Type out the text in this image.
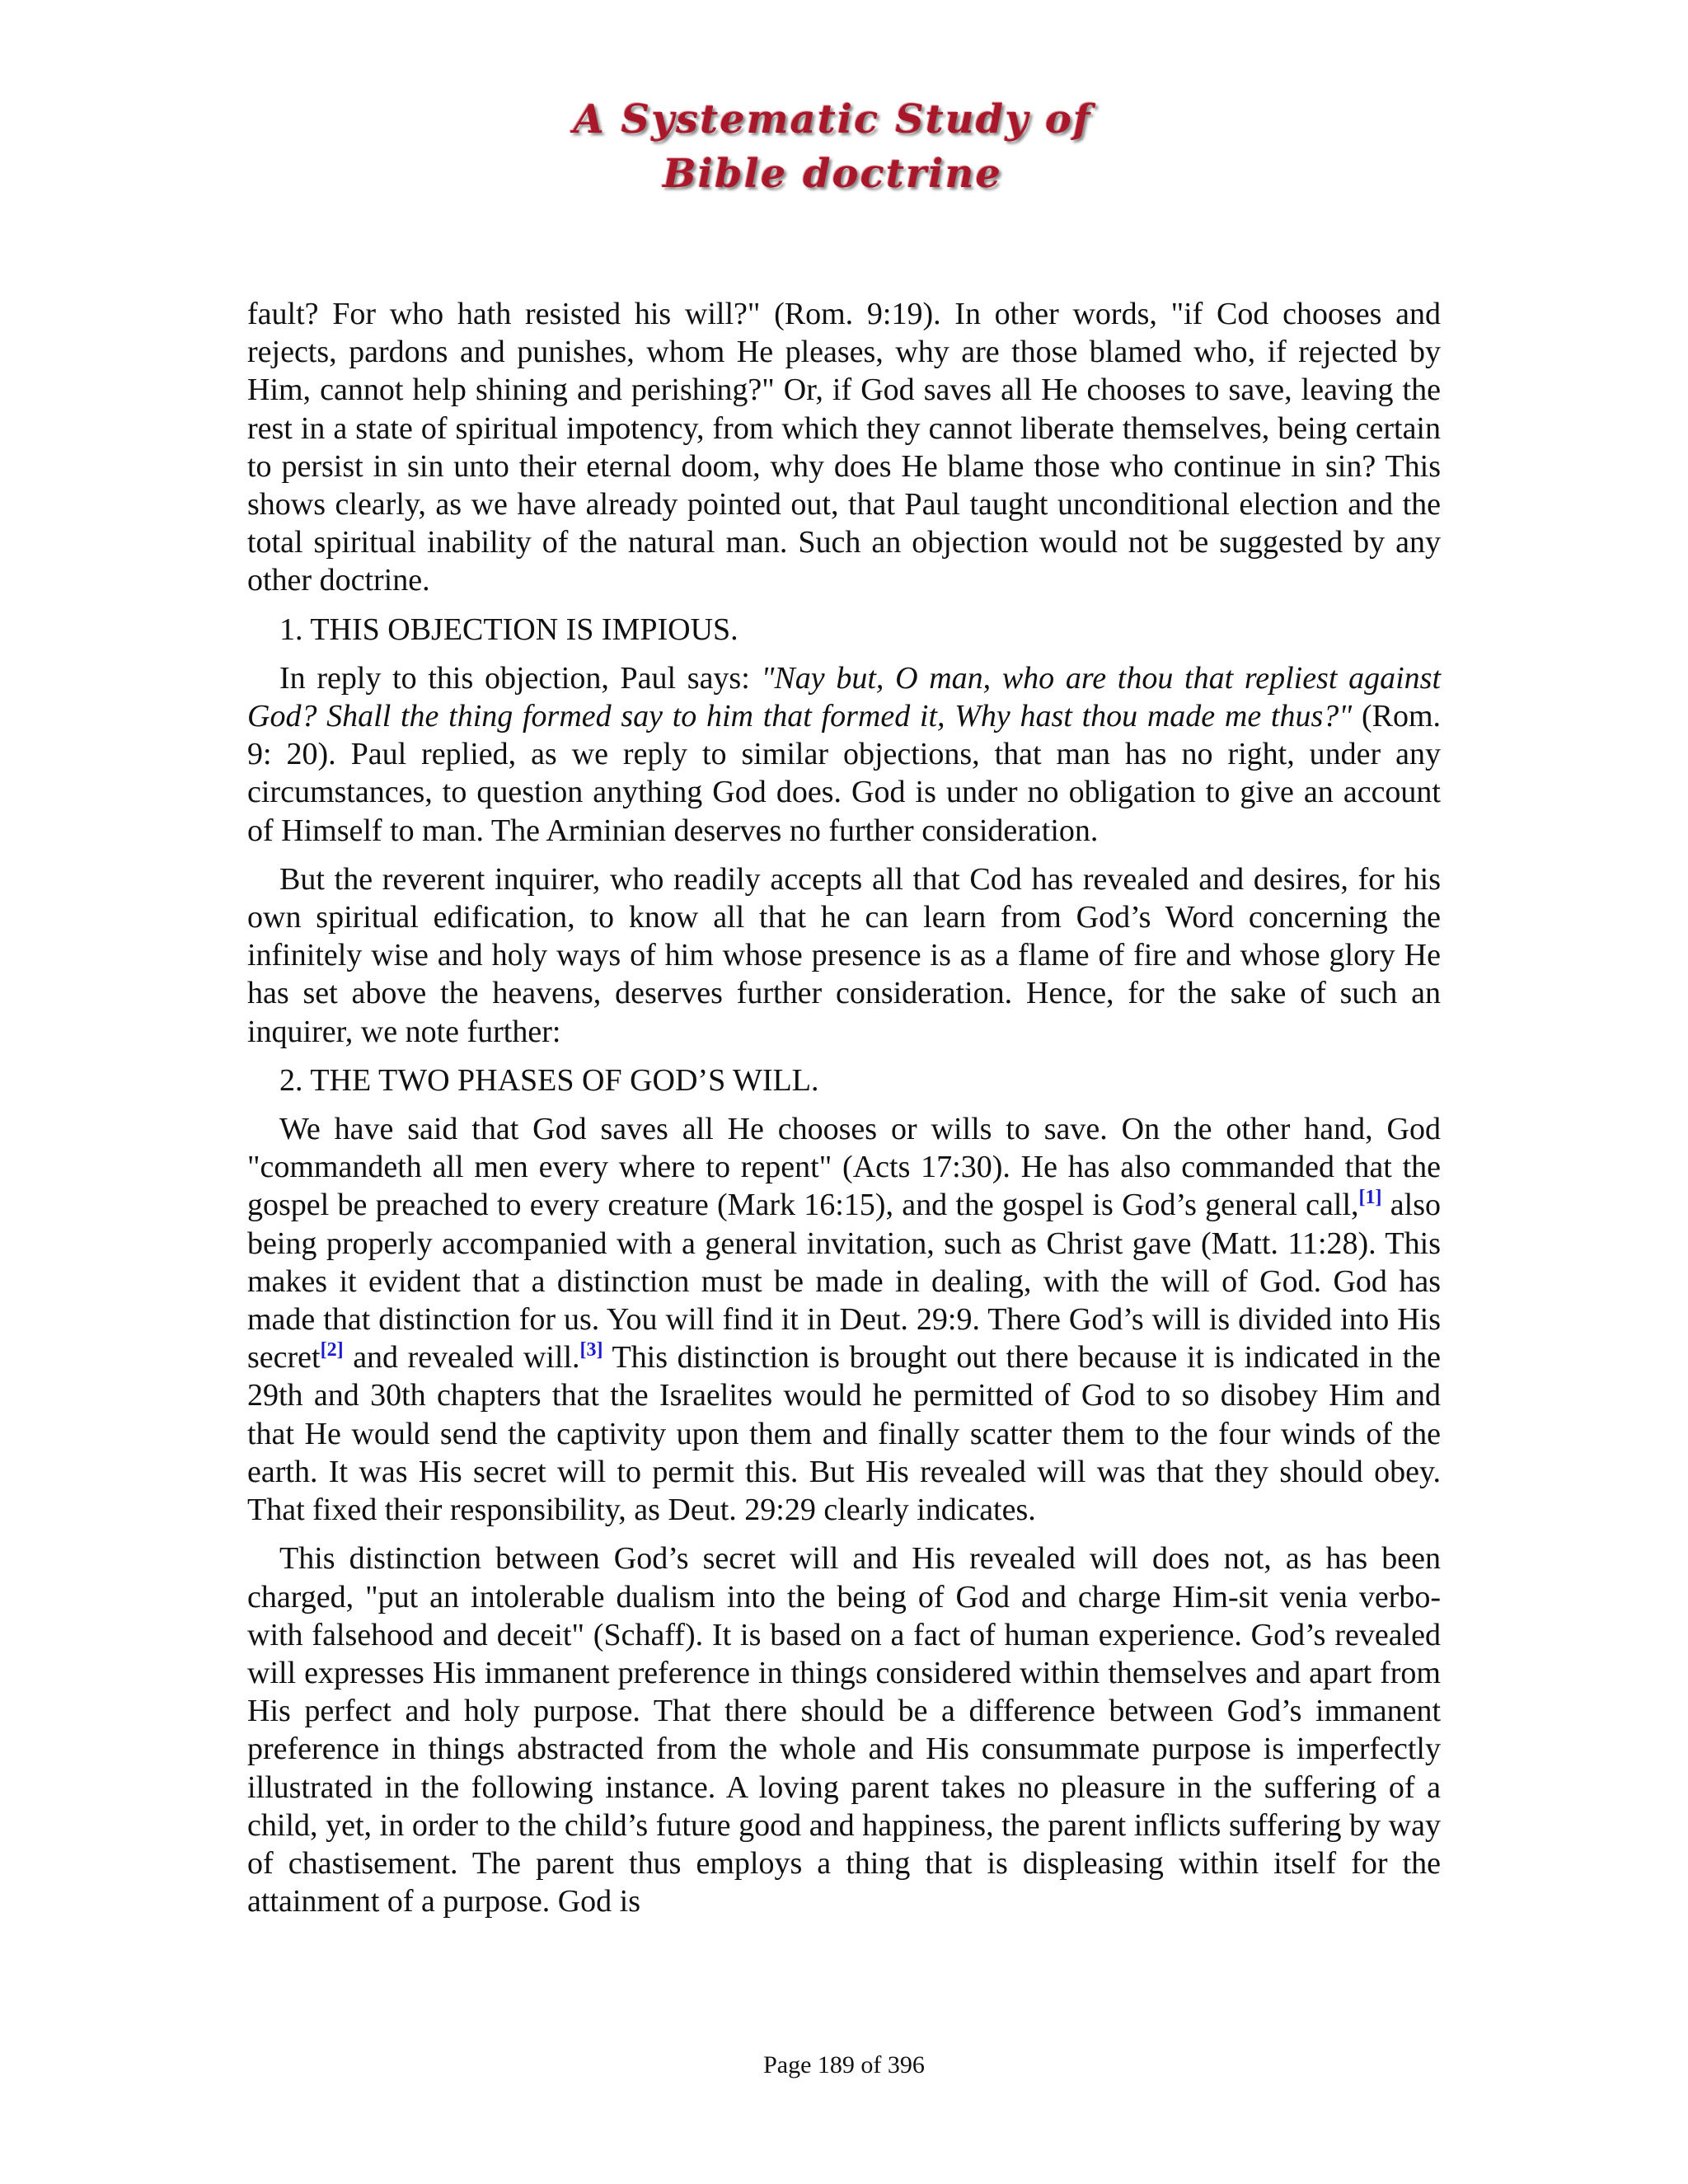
A Systematic Study of
Bible doctrine

fault? For who hath resisted his will?" (Rom. 9:19). In other words, "if Cod chooses and rejects, pardons and punishes, whom He pleases, why are those blamed who, if rejected by Him, cannot help shining and perishing?" Or, if God saves all He chooses to save, leaving the rest in a state of spiritual impotency, from which they cannot liberate themselves, being certain to persist in sin unto their eternal doom, why does He blame those who continue in sin? This shows clearly, as we have already pointed out, that Paul taught unconditional election and the total spiritual inability of the natural man. Such an objection would not be suggested by any other doctrine.

1. THIS OBJECTION IS IMPIOUS.

In reply to this objection, Paul says: "Nay but, O man, who are thou that repliest against God? Shall the thing formed say to him that formed it, Why hast thou made me thus?" (Rom. 9: 20). Paul replied, as we reply to similar objections, that man has no right, under any circumstances, to question anything God does. God is under no obligation to give an account of Himself to man. The Arminian deserves no further consideration.

But the reverent inquirer, who readily accepts all that Cod has revealed and desires, for his own spiritual edification, to know all that he can learn from God’s Word concerning the infinitely wise and holy ways of him whose presence is as a flame of fire and whose glory He has set above the heavens, deserves further consideration. Hence, for the sake of such an inquirer, we note further:

2. THE TWO PHASES OF GOD’S WILL.

We have said that God saves all He chooses or wills to save. On the other hand, God "commandeth all men every where to repent" (Acts 17:30). He has also commanded that the gospel be preached to every creature (Mark 16:15), and the gospel is God’s general call,[1] also being properly accompanied with a general invitation, such as Christ gave (Matt. 11:28). This makes it evident that a distinction must be made in dealing, with the will of God. God has made that distinction for us. You will find it in Deut. 29:9. There God’s will is divided into His secret[2] and revealed will.[3] This distinction is brought out there because it is indicated in the 29th and 30th chapters that the Israelites would he permitted of God to so disobey Him and that He would send the captivity upon them and finally scatter them to the four winds of the earth. It was His secret will to permit this. But His revealed will was that they should obey. That fixed their responsibility, as Deut. 29:29 clearly indicates.

This distinction between God’s secret will and His revealed will does not, as has been charged, "put an intolerable dualism into the being of God and charge Him-sit venia verbo- with falsehood and deceit" (Schaff). It is based on a fact of human experience. God’s revealed will expresses His immanent preference in things considered within themselves and apart from His perfect and holy purpose. That there should be a difference between God’s immanent preference in things abstracted from the whole and His consummate purpose is imperfectly illustrated in the following instance. A loving parent takes no pleasure in the suffering of a child, yet, in order to the child’s future good and happiness, the parent inflicts suffering by way of chastisement. The parent thus employs a thing that is displeasing within itself for the attainment of a purpose. God is

Page 189 of 396
